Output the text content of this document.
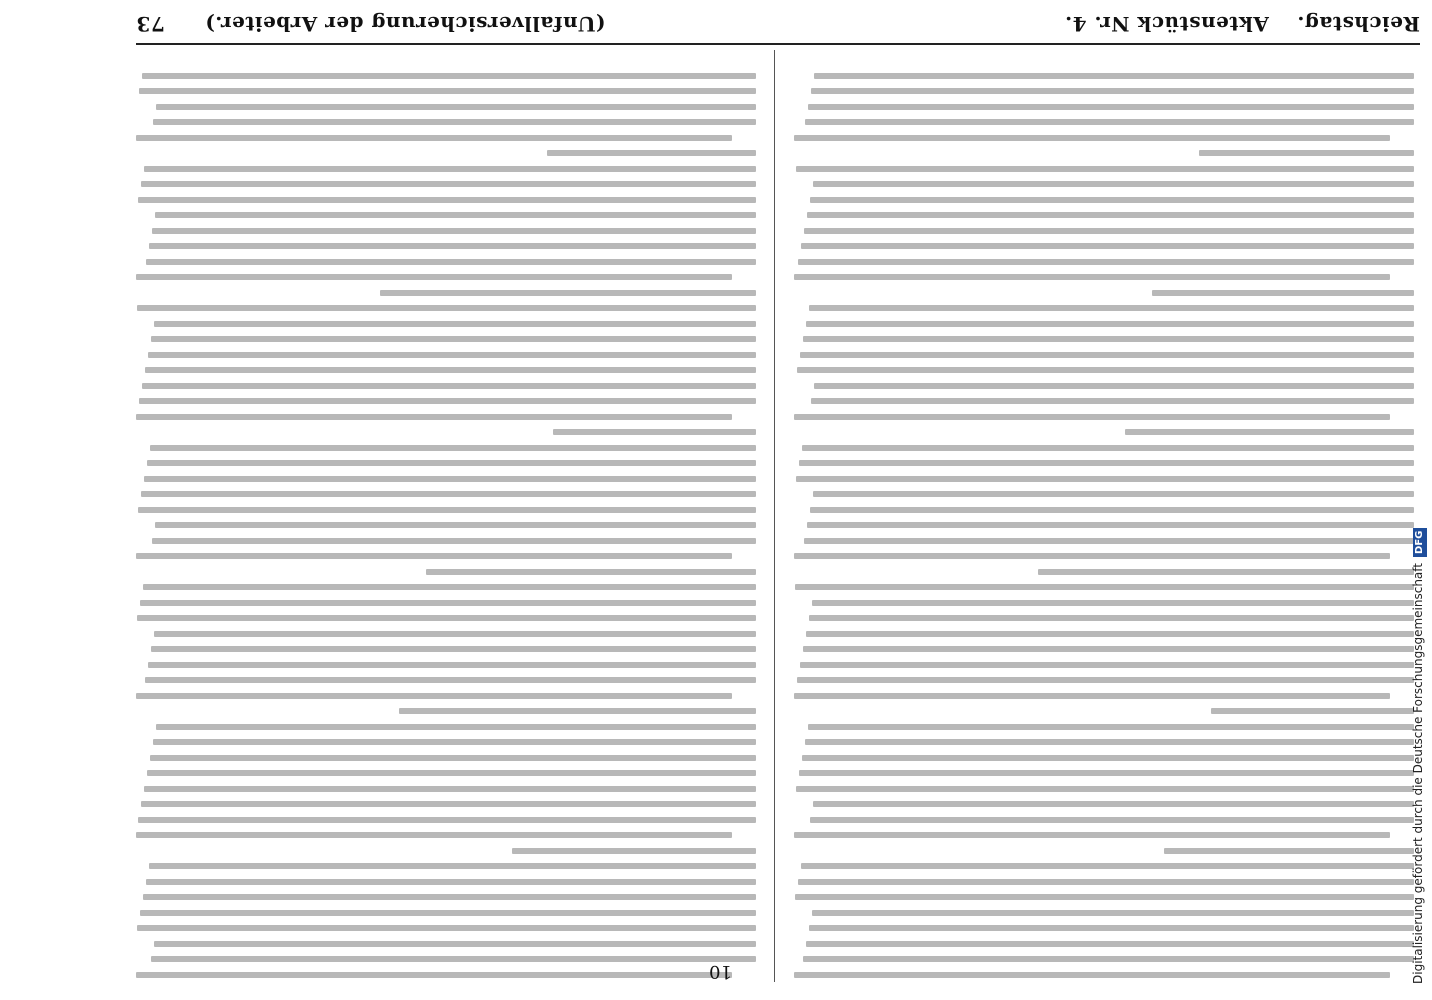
Reichstag.Aktenstück Nr. 4.
(Unfallversicherung der Arbeiter.)73
10	Digitalisierung gefördert durch die Deutsche ForschungsgemeinschaftDFG
